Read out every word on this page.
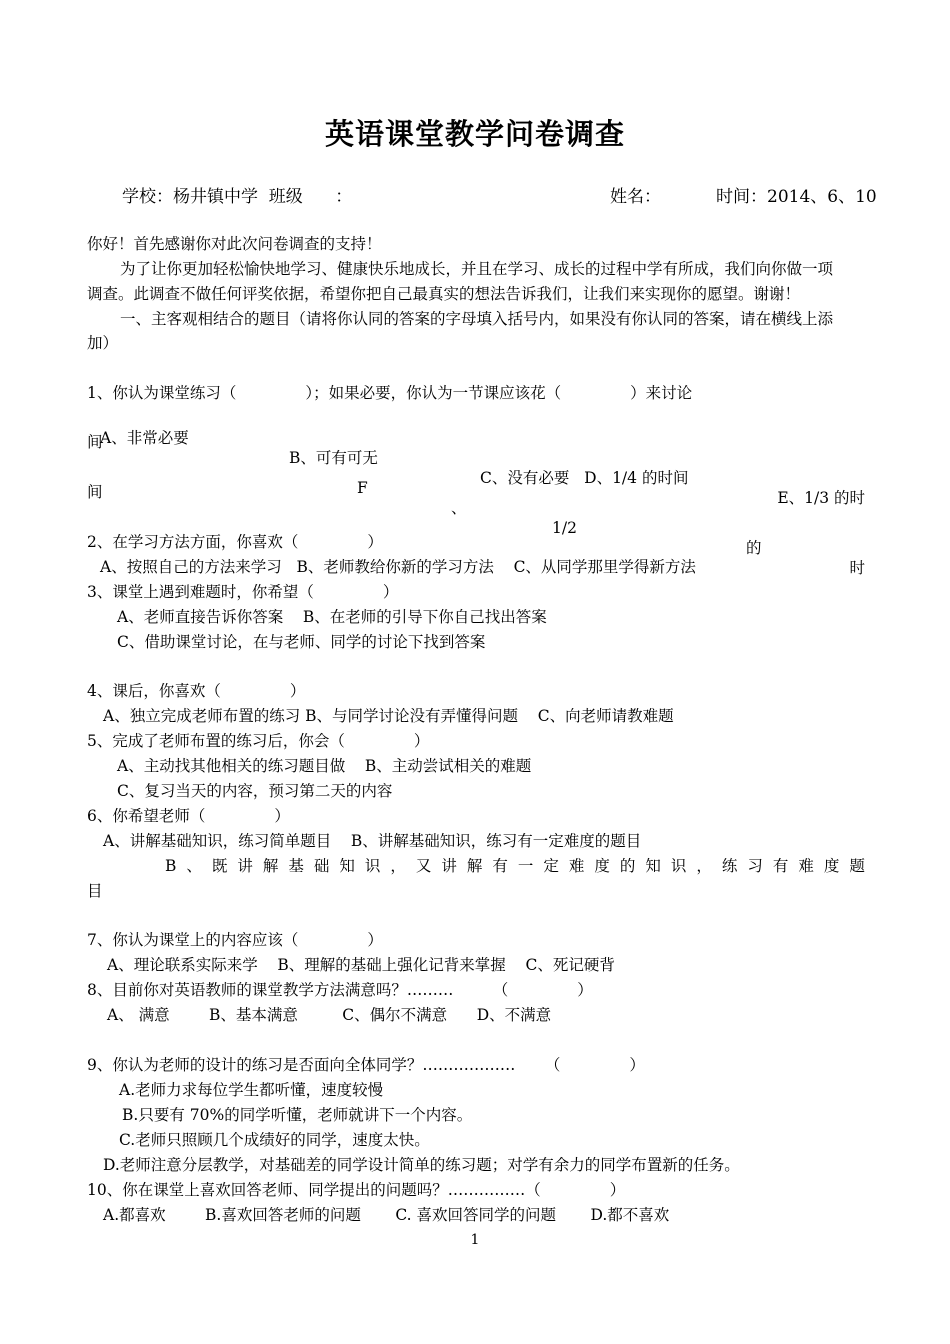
英语课堂教学问卷调查
学校：杨井镇中学  班级      ：	姓名：	时间：2014、6、10
你好！首先感谢你对此次问卷调查的支持！
为了让你更加轻松愉快地学习、健康快乐地成长，并且在学习、成长的过程中学有所成，我们向你做一项
调查。此调查不做任何评奖依据，希望你把自己最真实的想法告诉我们，让我们来实现你的愿望。谢谢！
一、主客观相结合的题目（请将你认同的答案的字母填入括号内，如果没有你认同的答案，请在横线上添
加）
1、你认为课堂练习（              ）；如果必要，你认为一节课应该花（              ）来讨论

A、非常必要

B、可有可无

C、没有必要   D、1/4 的时间

E、1/3 的时

间

F

、

1/2

的

时

间
2、在学习方法方面，你喜欢（              ）
A、按照自己的方法来学习   B、老师教给你新的学习方法    C、从同学那里学得新方法
3、课堂上遇到难题时，你希望（              ）
A、老师直接告诉你答案    B、在老师的引导下你自己找出答案
C、借助课堂讨论，在与老师、同学的讨论下找到答案
4、课后，你喜欢（              ）
A、独立完成老师布置的练习 B、与同学讨论没有弄懂得问题    C、向老师请教难题
5、完成了老师布置的练习后，你会（              ）
A、主动找其他相关的练习题目做    B、主动尝试相关的难题
C、复习当天的内容，预习第二天的内容
6、你希望老师（              ）
A、讲解基础知识，练习简单题目    B、讲解基础知识，练习有一定难度的题目
B 、 既 讲 解 基 础 知 识 ， 又 讲 解 有 一 定 难 度 的 知 识 ， 练 习 有 难 度 题
目
7、你认为课堂上的内容应该（              ）
A、理论联系实际来学    B、理解的基础上强化记背来掌握    C、死记硬背
8、目前你对英语教师的课堂教学方法满意吗？………        （              ）
A、 满意        B、基本满意         C、偶尔不满意      D、不满意
9、你认为老师的设计的练习是否面向全体同学？………………      （              ）
A.老师力求每位学生都听懂，速度较慢
B.只要有 70%的同学听懂，老师就讲下一个内容。
C.老师只照顾几个成绩好的同学，速度太快。
D.老师注意分层教学，对基础差的同学设计简单的练习题；对学有余力的同学布置新的任务。
10、你在课堂上喜欢回答老师、同学提出的问题吗？……………（              ）
A.都喜欢        B.喜欢回答老师的问题       C. 喜欢回答同学的问题       D.都不喜欢
1
